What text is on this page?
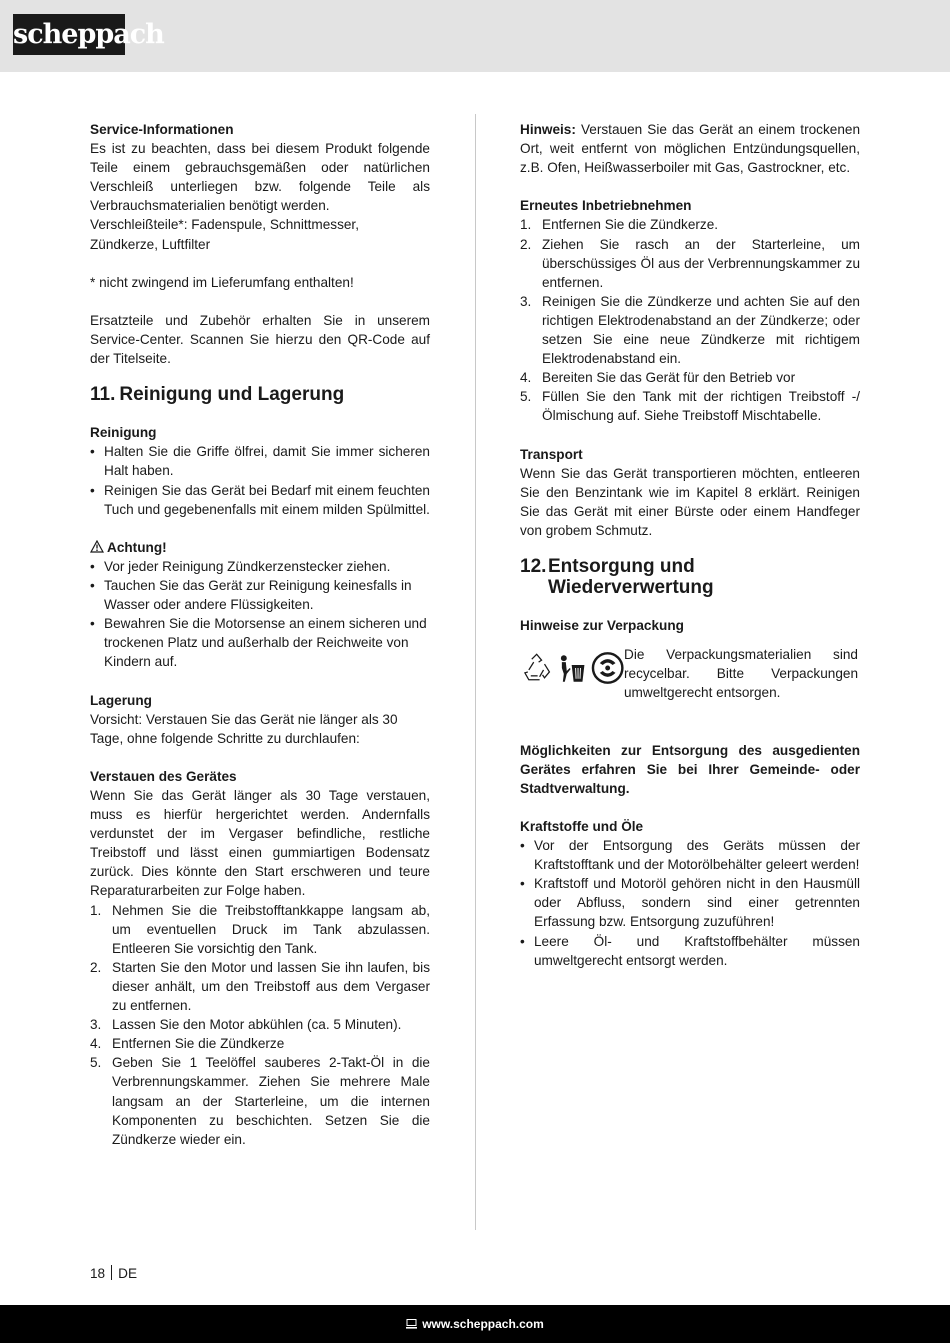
scheppach
Service-Informationen
Es ist zu beachten, dass bei diesem Produkt folgende Teile einem gebrauchsgemäßen oder natürlichen Verschleiß unterliegen bzw. folgende Teile als Verbrauchsmaterialien benötigt werden.
Verschleißteile*: Fadenspule, Schnittmesser, Zündkerze, Luftfilter
* nicht zwingend im Lieferumfang enthalten!
Ersatzteile und Zubehör erhalten Sie in unserem Service-Center. Scannen Sie hierzu den QR-Code auf der Titelseite.
11. Reinigung und Lagerung
Reinigung
• Halten Sie die Griffe ölfrei, damit Sie immer sicheren Halt haben.
• Reinigen Sie das Gerät bei Bedarf mit einem feuchten Tuch und gegebenenfalls mit einem milden Spülmittel.
Achtung!
• Vor jeder Reinigung Zündkerzenstecker ziehen.
• Tauchen Sie das Gerät zur Reinigung keinesfalls in Wasser oder andere Flüssigkeiten.
• Bewahren Sie die Motorsense an einem sicheren und trockenen Platz und außerhalb der Reichweite von Kindern auf.
Lagerung
Vorsicht: Verstauen Sie das Gerät nie länger als 30 Tage, ohne folgende Schritte zu durchlaufen:
Verstauen des Gerätes
Wenn Sie das Gerät länger als 30 Tage verstauen, muss es hierfür hergerichtet werden. Andernfalls verdunstet der im Vergaser befindliche, restliche Treibstoff und lässt einen gummiartigen Bodensatz zurück. Dies könnte den Start erschweren und teure Reparaturarbeiten zur Folge haben.
1. Nehmen Sie die Treibstofftankkappe langsam ab, um eventuellen Druck im Tank abzulassen. Entleeren Sie vorsichtig den Tank.
2. Starten Sie den Motor und lassen Sie ihn laufen, bis dieser anhält, um den Treibstoff aus dem Vergaser zu entfernen.
3. Lassen Sie den Motor abkühlen (ca. 5 Minuten).
4. Entfernen Sie die Zündkerze
5. Geben Sie 1 Teelöffel sauberes 2-Takt-Öl in die Verbrennungskammer. Ziehen Sie mehrere Male langsam an der Starterleine, um die internen Komponenten zu beschichten. Setzen Sie die Zündkerze wieder ein.
Hinweis: Verstauen Sie das Gerät an einem trockenen Ort, weit entfernt von möglichen Entzündungsquellen, z.B. Ofen, Heißwasserboiler mit Gas, Gastrockner, etc.
Erneutes Inbetriebnehmen
1. Entfernen Sie die Zündkerze.
2. Ziehen Sie rasch an der Starterleine, um überschüssiges Öl aus der Verbrennungskammer zu entfernen.
3. Reinigen Sie die Zündkerze und achten Sie auf den richtigen Elektrodenabstand an der Zündkerze; oder setzen Sie eine neue Zündkerze mit richtigem Elektrodenabstand ein.
4. Bereiten Sie das Gerät für den Betrieb vor
5. Füllen Sie den Tank mit der richtigen Treibstoff -/ Ölmischung auf. Siehe Treibstoff Mischtabelle.
Transport
Wenn Sie das Gerät transportieren möchten, entleeren Sie den Benzintank wie im Kapitel 8 erklärt. Reinigen Sie das Gerät mit einer Bürste oder einem Handfeger von grobem Schmutz.
12. Entsorgung und Wiederverwertung
Hinweise zur Verpackung
Die Verpackungsmaterialien sind recycelbar. Bitte Verpackungen umweltgerecht entsorgen.
Möglichkeiten zur Entsorgung des ausgedienten Gerätes erfahren Sie bei Ihrer Gemeinde- oder Stadtverwaltung.
Kraftstoffe und Öle
• Vor der Entsorgung des Geräts müssen der Kraftstofftank und der Motorölbehälter geleert werden!
• Kraftstoff und Motoröl gehören nicht in den Hausmüll oder Abfluss, sondern sind einer getrennten Erfassung bzw. Entsorgung zuzuführen!
• Leere Öl- und Kraftstoffbehälter müssen umweltgerecht entsorgt werden.
18 DE
www.scheppach.com
